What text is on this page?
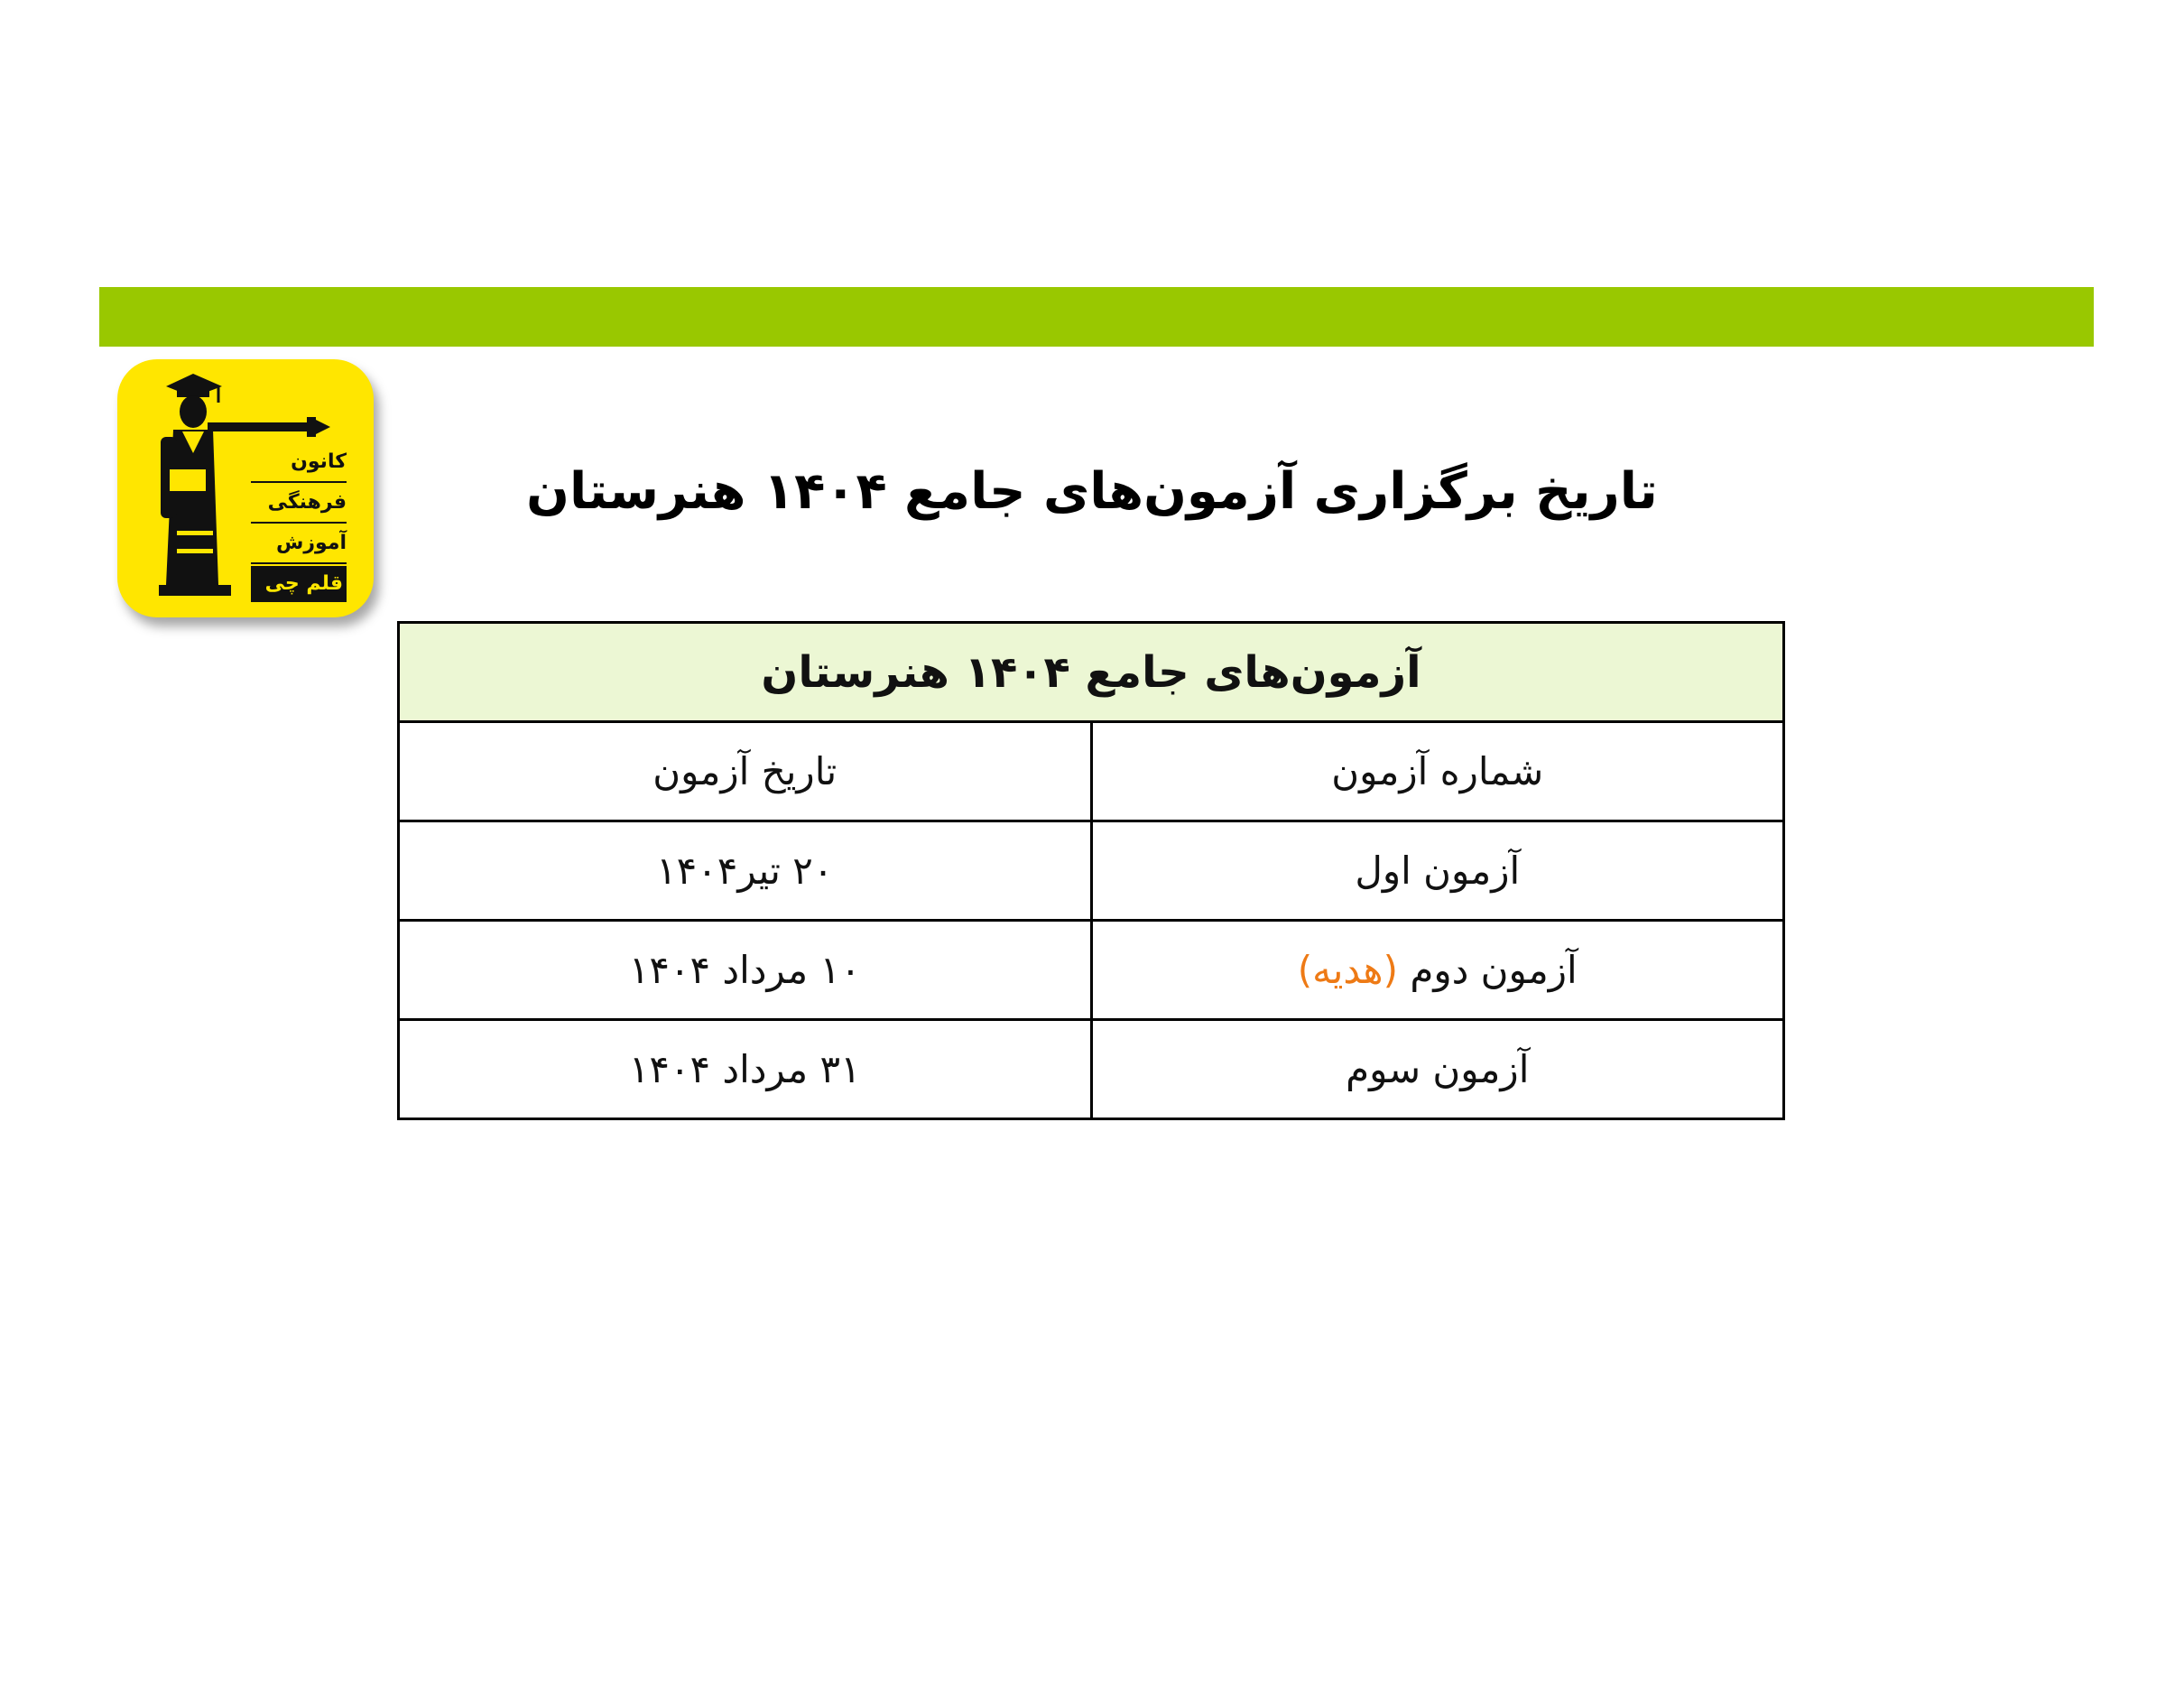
کانون
فرهنگی
آموزش
قلم چی
تاریخ برگزاری آزمون‌های جامع ۱۴۰۴ هنرستان
آزمون‌های جامع ۱۴۰۴ هنرستان	
شماره آزمون	تاریخ آزمون
آزمون اول	۲۰ تیر۱۴۰۴
آزمون دوم (هدیه)	۱۰ مرداد ۱۴۰۴
آزمون سوم	۳۱ مرداد ۱۴۰۴
